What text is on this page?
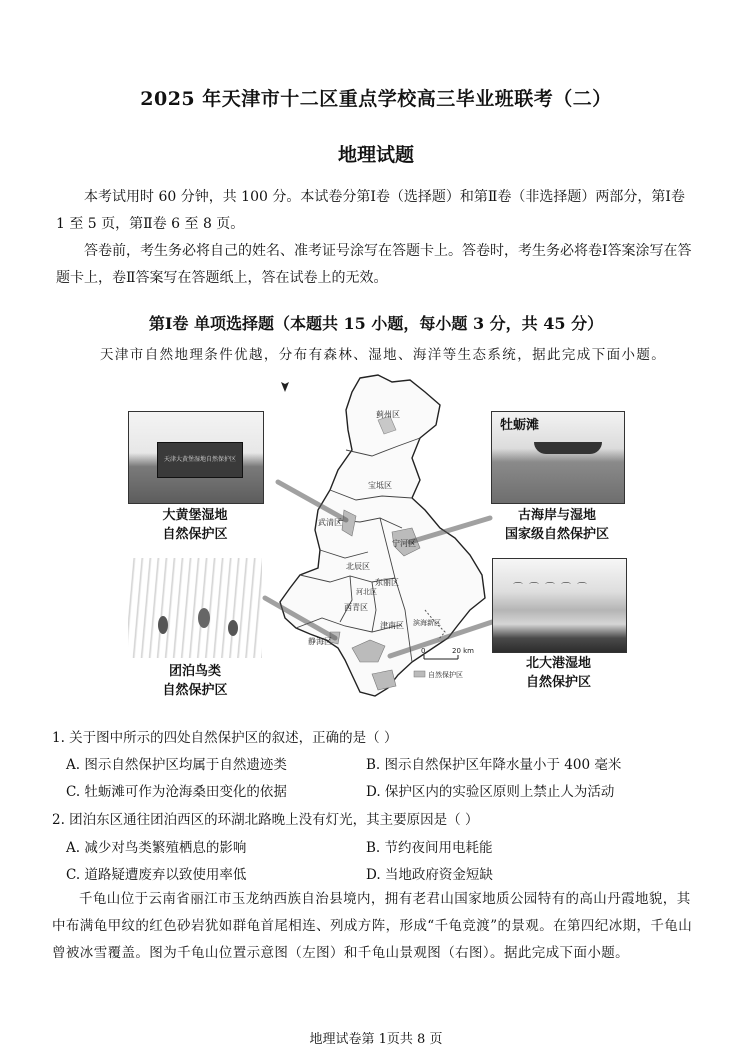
2025 年天津市十二区重点学校高三毕业班联考（二）
地理试题

本考试用时 60 分钟，共 100 分。本试卷分第Ⅰ卷（选择题）和第Ⅱ卷（非选择题）两部分，第Ⅰ卷 1 至 5 页，第Ⅱ卷 6 至 8 页。

答卷前，考生务必将自己的姓名、准考证号涂写在答题卡上。答卷时，考生务必将卷Ⅰ答案涂写在答题卡上，卷Ⅱ答案写在答题纸上，答在试卷上的无效。

第Ⅰ卷 单项选择题（本题共 15 小题，每小题 3 分，共 45 分）
天津市自然地理条件优越，分布有森林、湿地、海洋等生态系统，据此完成下面小题。
蓟州区
宝坻区
武清区
宁河区
北辰区
东丽区
河北区
西青区
津南区 滨海新区
静海区
0	20 km
自然保护区
天津大黄堡湿地自然保护区
大黄堡湿地
自然保护区
牡蛎滩
古海岸与湿地
国家级自然保护区
团泊鸟类
自然保护区
⌒⌒⌒⌒⌒
北大港湿地
自然保护区
1. 关于图中所示的四处自然保护区的叙述，正确的是（ ）
A. 图示自然保护区均属于自然遗迹类	B. 图示自然保护区年降水量小于 400 毫米
C. 牡蛎滩可作为沧海桑田变化的依据	D. 保护区内的实验区原则上禁止人为活动
2. 团泊东区通往团泊西区的环湖北路晚上没有灯光，其主要原因是（ ）
A. 减少对鸟类繁殖栖息的影响	B. 节约夜间用电耗能
C. 道路疑遭废弃以致使用率低	D. 当地政府资金短缺

千龟山位于云南省丽江市玉龙纳西族自治县境内，拥有老君山国家地质公园特有的高山丹霞地貌，其中布满龟甲纹的红色砂岩犹如群龟首尾相连、列成方阵，形成“千龟竞渡”的景观。在第四纪冰期，千龟山曾被冰雪覆盖。图为千龟山位置示意图（左图）和千龟山景观图（右图）。据此完成下面小题。

地理试卷第 1页共 8 页
